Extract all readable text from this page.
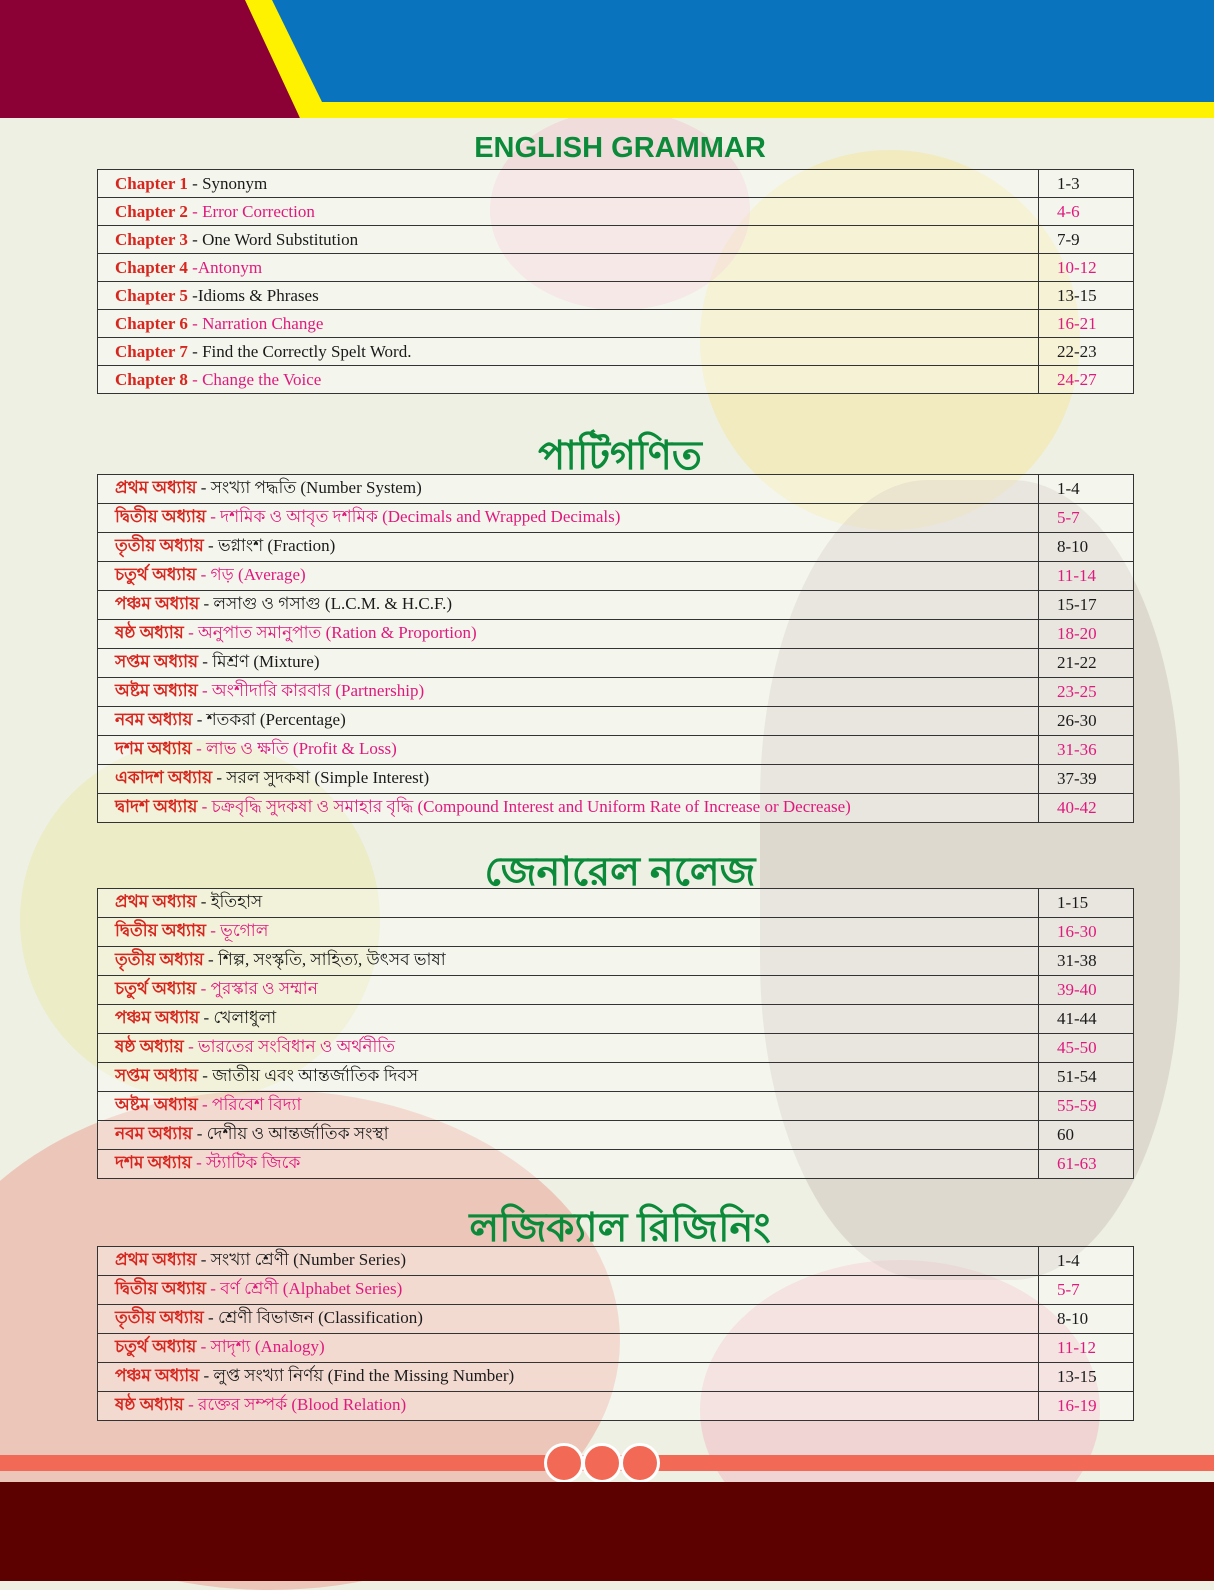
ENGLISH GRAMMAR
Chapter 1 - Synonym	1-3
Chapter 2 - Error Correction	4-6
Chapter 3 - One Word Substitution	7-9
Chapter 4 -Antonym	10-12
Chapter 5 -Idioms & Phrases	13-15
Chapter 6 - Narration Change	16-21
Chapter 7 - Find the Correctly Spelt Word.	22-23
Chapter 8 - Change the Voice	24-27
পাটিগণিত
প্রথম অধ্যায় - সংখ্যা পদ্ধতি (Number System)	1-4
দ্বিতীয় অধ্যায় - দশমিক ও আবৃত দশমিক (Decimals and Wrapped Decimals)	5-7
তৃতীয় অধ্যায় - ভগ্নাংশ (Fraction)	8-10
চতুর্থ অধ্যায় - গড় (Average)	11-14
পঞ্চম অধ্যায় - লসাগু ও গসাগু (L.C.M. & H.C.F.)	15-17
ষষ্ঠ অধ্যায় - অনুপাত সমানুপাত (Ration & Proportion)	18-20
সপ্তম অধ্যায় - মিশ্রণ (Mixture)	21-22
অষ্টম অধ্যায় - অংশীদারি কারবার (Partnership)	23-25
নবম অধ্যায় - শতকরা (Percentage)	26-30
দশম অধ্যায় - লাভ ও ক্ষতি (Profit & Loss)	31-36
একাদশ অধ্যায় - সরল সুদকষা (Simple Interest)	37-39
দ্বাদশ অধ্যায় - চক্রবৃদ্ধি সুদকষা ও সমাহার বৃদ্ধি (Compound Interest and Uniform Rate of Increase or Decrease)	40-42
জেনারেল নলেজ
প্রথম অধ্যায় - ইতিহাস	1-15
দ্বিতীয় অধ্যায় - ভূগোল	16-30
তৃতীয় অধ্যায় - শিল্প, সংস্কৃতি, সাহিত্য, উৎসব ভাষা	31-38
চতুর্থ অধ্যায় - পুরস্কার ও সম্মান	39-40
পঞ্চম অধ্যায় - খেলাধুলা	41-44
ষষ্ঠ অধ্যায় - ভারতের সংবিধান ও অর্থনীতি	45-50
সপ্তম অধ্যায় - জাতীয় এবং আন্তর্জাতিক দিবস	51-54
অষ্টম অধ্যায় - পরিবেশ বিদ্যা	55-59
নবম অধ্যায় - দেশীয় ও আন্তর্জাতিক সংস্থা	60
দশম অধ্যায় - স্ট্যাটিক জিকে	61-63
লজিক্যাল রিজিনিং
প্রথম অধ্যায় - সংখ্যা শ্রেণী (Number Series)	1-4
দ্বিতীয় অধ্যায় - বর্ণ শ্রেণী (Alphabet Series)	5-7
তৃতীয় অধ্যায় - শ্রেণী বিভাজন (Classification)	8-10
চতুর্থ অধ্যায় - সাদৃশ্য (Analogy)	11-12
পঞ্চম অধ্যায় - লুপ্ত সংখ্যা নির্ণয় (Find the Missing Number)	13-15
ষষ্ঠ অধ্যায় - রক্তের সম্পর্ক (Blood Relation)	16-19
